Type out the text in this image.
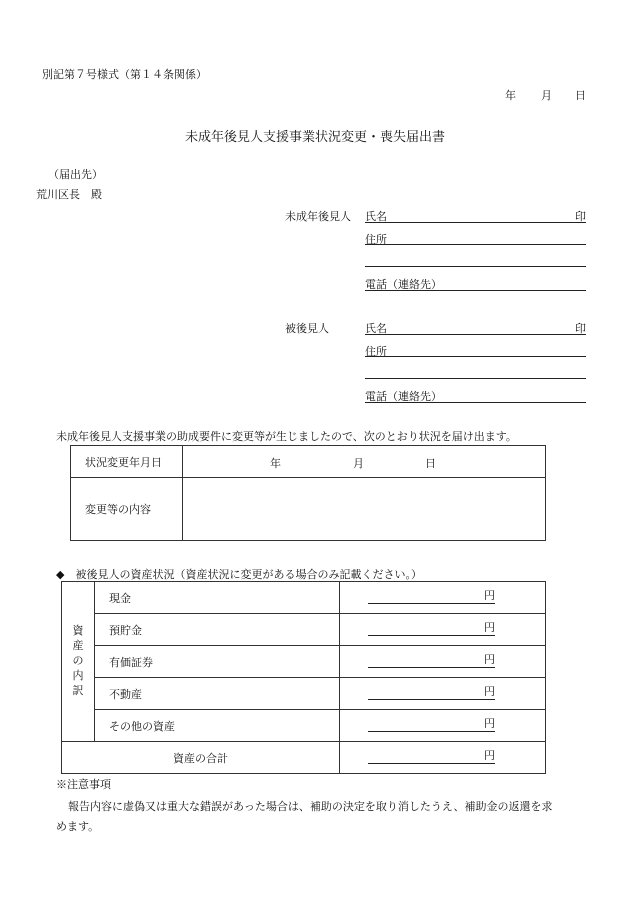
別記第７号様式（第１４条関係）
年 月 日
未成年後見人支援事業状況変更・喪失届出書
（届出先）
荒川区長　殿
未成年後見人 氏名	印
住所
電話（連絡先）
被後見人	氏名	印
住所
電話（連絡先）
未成年後見人支援事業の助成要件に変更等が生じましたので、次のとおり状況を届け出ます。
状況変更年月日	年 月 日

変更等の内容	
◆　被後見人の資産状況（資産状況に変更がある場合のみ記載ください。）
資
産
の
内
訳	現金	円

	預貯金	円

	有価証券	円

	不動産	円

	その他の資産	円

資産の合計		円
※注意事項
報告内容に虚偽又は重大な錯誤があった場合は、補助の決定を取り消したうえ、補助金の返還を求
めます。
